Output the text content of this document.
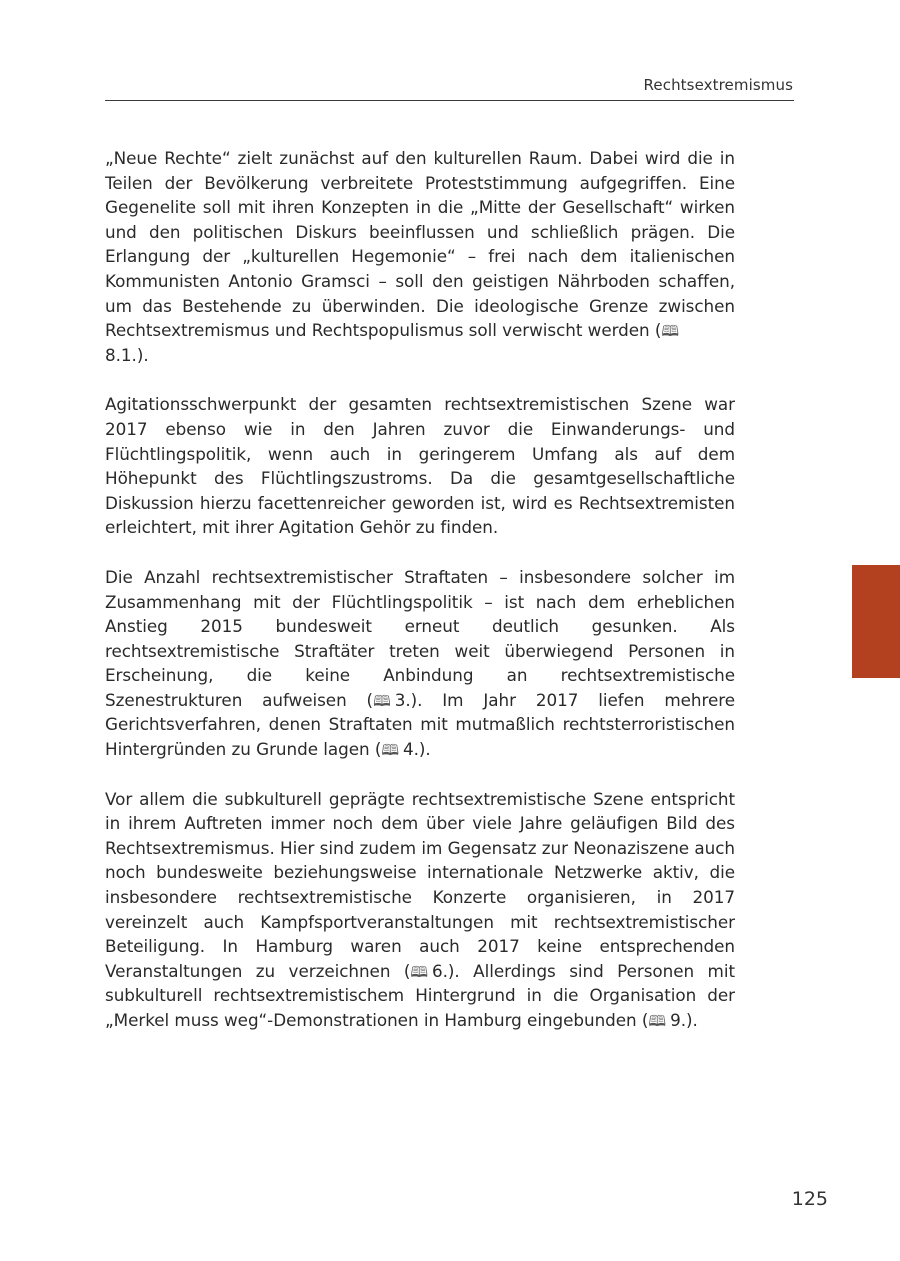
Rechtsextremismus

„Neue Rechte“ zielt zunächst auf den kulturellen Raum. Dabei wird die in Teilen der Bevölkerung verbreitete Proteststimmung aufgegriffen. Eine Gegenelite soll mit ihren Konzepten in die „Mitte der Gesellschaft“ wirken und den politischen Diskurs beeinflussen und schließlich prägen. Die Erlangung der „kulturellen Hegemonie“ – frei nach dem italienischen Kommunisten Antonio Gramsci – soll den geistigen Nährboden schaffen, um das Bestehende zu überwinden. Die ideologische Grenze zwischen Rechtsextremismus und Rechtspopulismus soll verwischt werden (🕮
8.1.).

Agitationsschwerpunkt der gesamten rechtsextremistischen Szene war 2017 ebenso wie in den Jahren zuvor die Einwanderungs- und Flüchtlingspolitik, wenn auch in geringerem Umfang als auf dem Höhepunkt des Flüchtlingszustroms. Da die gesamtgesellschaftliche Diskussion hierzu facettenreicher geworden ist, wird es Rechtsextremisten erleichtert, mit ihrer Agitation Gehör zu finden.

Die Anzahl rechtsextremistischer Straftaten – insbesondere solcher im Zusammenhang mit der Flüchtlingspolitik – ist nach dem erheblichen Anstieg 2015 bundesweit erneut deutlich gesunken. Als rechtsextremistische Straftäter treten weit überwiegend Personen in Erscheinung, die keine Anbindung an rechtsextremistische Szenestrukturen aufweisen (🕮 3.). Im Jahr 2017 liefen mehrere Gerichtsverfahren, denen Straftaten mit mutmaßlich rechtsterroristischen Hintergründen zu Grunde lagen (🕮 4.).

Vor allem die subkulturell geprägte rechtsextremistische Szene entspricht in ihrem Auftreten immer noch dem über viele Jahre geläufigen Bild des Rechtsextremismus. Hier sind zudem im Gegensatz zur Neonaziszene auch noch bundesweite beziehungsweise internationale Netzwerke aktiv, die insbesondere rechtsextremistische Konzerte organisieren, in 2017 vereinzelt auch Kampfsportveranstaltungen mit rechtsextremistischer Beteiligung. In Hamburg waren auch 2017 keine entsprechenden Veranstaltungen zu verzeichnen (🕮 6.). Allerdings sind Personen mit subkulturell rechtsextremistischem Hintergrund in die Organisation der „Merkel muss weg“-Demonstrationen in Hamburg eingebunden (🕮 9.).

125
